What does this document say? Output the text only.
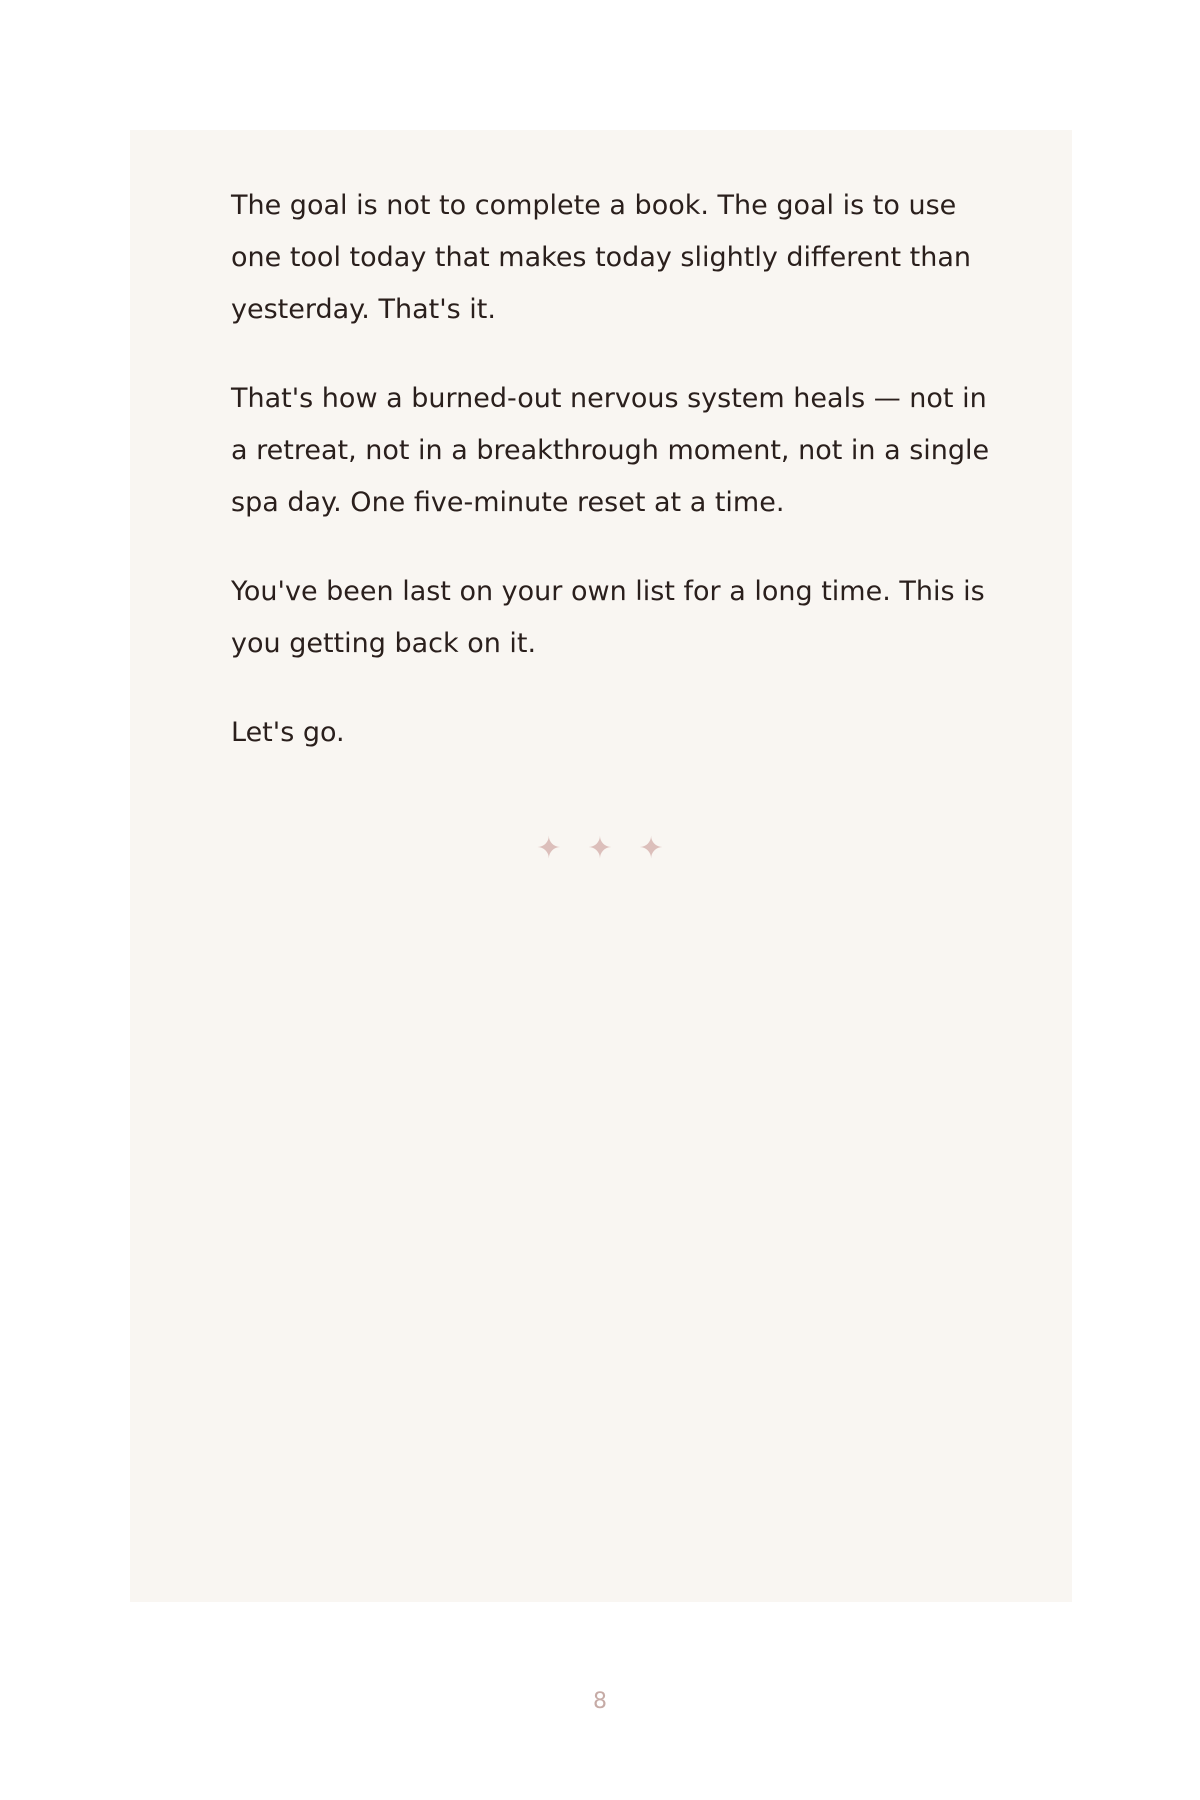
The goal is not to complete a book. The goal is to use one tool today that makes today slightly different than yesterday. That's it.

That's how a burned-out nervous system heals — not in a retreat, not in a breakthrough moment, not in a single spa day. One five-minute reset at a time.

You've been last on your own list for a long time. This is you getting back on it.

Let's go.

✦✦✦
8
